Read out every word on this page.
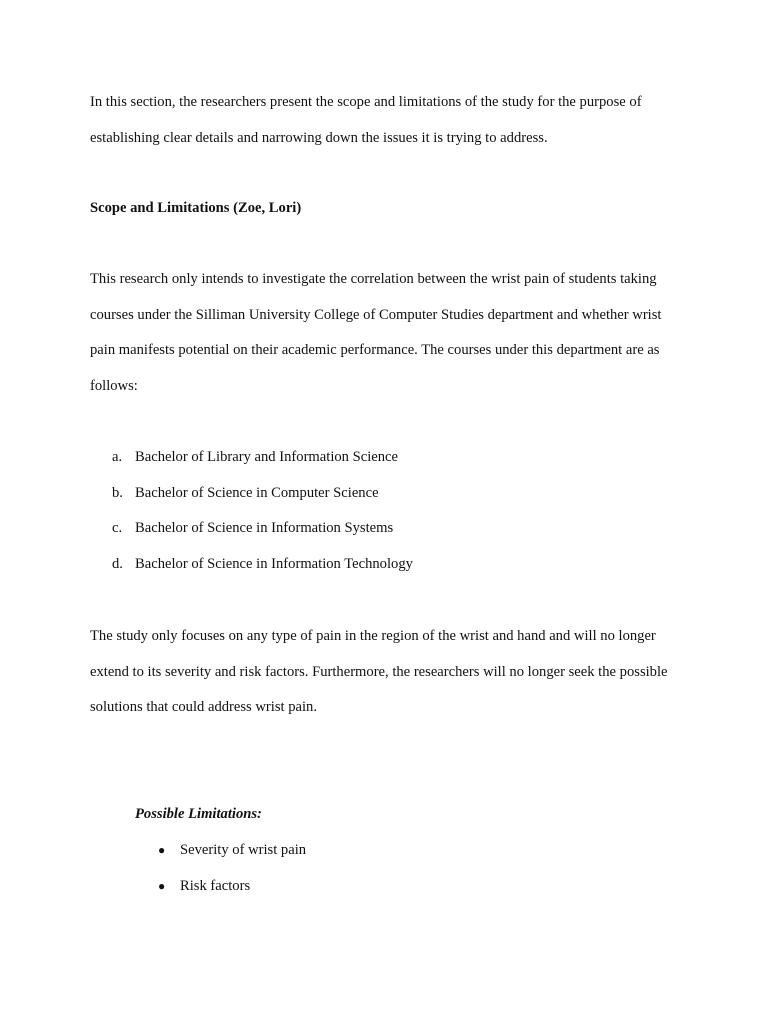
In this section, the researchers present the scope and limitations of the study for the purpose of establishing clear details and narrowing down the issues it is trying to address.

Scope and Limitations (Zoe, Lori)

This research only intends to investigate the correlation between the wrist pain of students taking courses under the Silliman University College of Computer Studies department and whether wrist pain manifests potential on their academic performance. The courses under this department are as follows:

a. Bachelor of Library and Information Science
b. Bachelor of Science in Computer Science
c. Bachelor of Science in Information Systems
d. Bachelor of Science in Information Technology

The study only focuses on any type of pain in the region of the wrist and hand and will no longer extend to its severity and risk factors. Furthermore, the researchers will no longer seek the possible solutions that could address wrist pain.

Possible Limitations:

● Severity of wrist pain
● Risk factors
